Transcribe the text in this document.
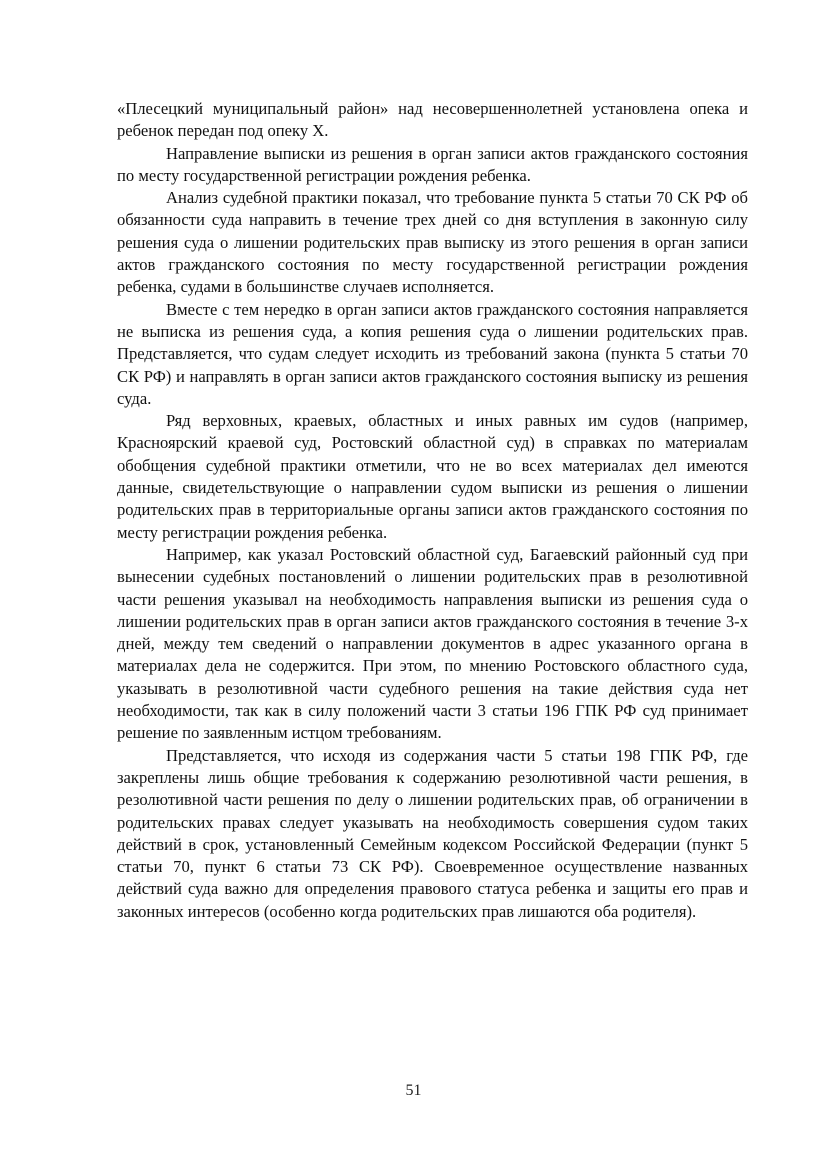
«Плесецкий муниципальный район» над несовершеннолетней установлена опека и ребенок передан под опеку Х.

Направление выписки из решения в орган записи актов гражданского состояния по месту государственной регистрации рождения ребенка.

Анализ судебной практики показал, что требование пункта 5 статьи 70 СК РФ об обязанности суда направить в течение трех дней со дня вступления в законную силу решения суда о лишении родительских прав выписку из этого решения в орган записи актов гражданского состояния по месту государственной регистрации рождения ребенка, судами в большинстве случаев исполняется.

Вместе с тем нередко в орган записи актов гражданского состояния направляется не выписка из решения суда, а копия решения суда о лишении родительских прав. Представляется, что судам следует исходить из требований закона (пункта 5 статьи 70 СК РФ) и направлять в орган записи актов гражданского состояния выписку из решения суда.

Ряд верховных, краевых, областных и иных равных им судов (например, Красноярский краевой суд, Ростовский областной суд) в справках по материалам обобщения судебной практики отметили, что не во всех материалах дел имеются данные, свидетельствующие о направлении судом выписки из решения о лишении родительских прав в территориальные органы записи актов гражданского состояния по месту регистрации рождения ребенка.

Например, как указал Ростовский областной суд, Багаевский районный суд при вынесении судебных постановлений о лишении родительских прав в резолютивной части решения указывал на необходимость направления выписки из решения суда о лишении родительских прав в орган записи актов гражданского состояния в течение 3-х дней, между тем сведений о направлении документов в адрес указанного органа в материалах дела не содержится. При этом, по мнению Ростовского областного суда, указывать в резолютивной части судебного решения на такие действия суда нет необходимости, так как в силу положений части 3 статьи 196 ГПК РФ суд принимает решение по заявленным истцом требованиям.

Представляется, что исходя из содержания части 5 статьи 198 ГПК РФ, где закреплены лишь общие требования к содержанию резолютивной части решения, в резолютивной части решения по делу о лишении родительских прав, об ограничении в родительских правах следует указывать на необходимость совершения судом таких действий в срок, установленный Семейным кодексом Российской Федерации (пункт 5 статьи 70, пункт 6 статьи 73 СК РФ). Своевременное осуществление названных действий суда важно для определения правового статуса ребенка и защиты его прав и законных интересов (особенно когда родительских прав лишаются оба родителя).

51
